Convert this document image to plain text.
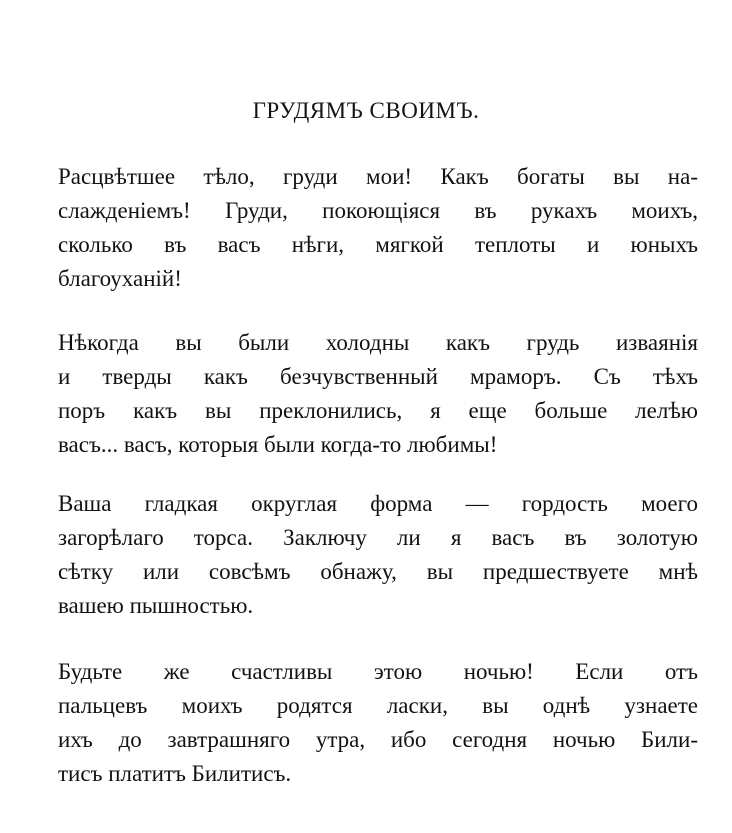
ГРУДЯМЪ СВОИМЪ.
Расцвѣтшее тѣло, груди мои! Какъ богаты вы на-
слажденіемъ! Груди, покоющіяся въ рукахъ моихъ,
сколько въ васъ нѣги, мягкой теплоты и юныхъ
благоуханій!
Нѣкогда вы были холодны какъ грудь изваянія
и тверды какъ безчувственный мраморъ. Съ тѣхъ
поръ какъ вы преклонились, я еще больше лелѣю
васъ... васъ, которыя были когда-то любимы!
Ваша гладкая округлая форма — гордость моего
загорѣлаго торса. Заключу ли я васъ въ золотую
сѣтку или совсѣмъ обнажу, вы предшествуете мнѣ
вашею пышностью.
Будьте же счастливы этою ночью! Если отъ
пальцевъ моихъ родятся ласки, вы однѣ узнаете
ихъ до завтрашняго утра, ибо сегодня ночью Били-
тисъ платитъ Билитисъ.
